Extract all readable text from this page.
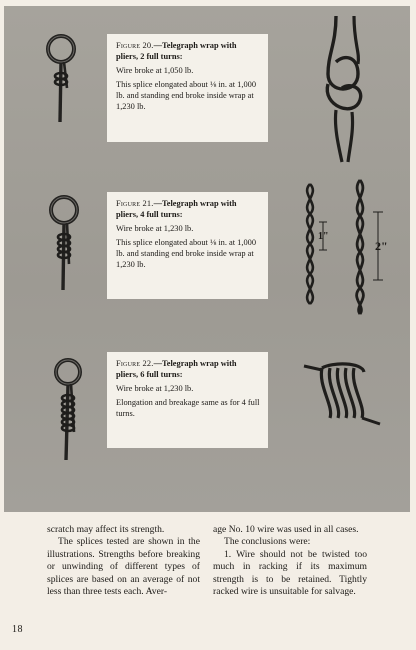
1"
2"
Figure 20.—Telegraph wrap with pliers, 2 full turns:

Wire broke at 1,050 lb.

This splice elongated about ⅛ in. at 1,000 lb. and standing end broke inside wrap at 1,230 lb.

Figure 21.—Telegraph wrap with pliers, 4 full turns:

Wire broke at 1,230 lb.

This splice elongated about ⅛ in. at 1,000 lb. and standing end broke inside wrap at 1,230 lb.

Figure 22.—Telegraph wrap with pliers, 6 full turns:

Wire broke at 1,230 lb.

Elongation and breakage same as for 4 full turns.

scratch may affect its strength.

The splices tested are shown in the illustrations. Strengths before breaking or unwinding of different types of splices are based on an average of not less than three tests each. Aver-

age No. 10 wire was used in all cases.

The conclusions were:

1. Wire should not be twisted too much in racking if its maximum strength is to be retained. Tightly racked wire is unsuitable for salvage.

18
